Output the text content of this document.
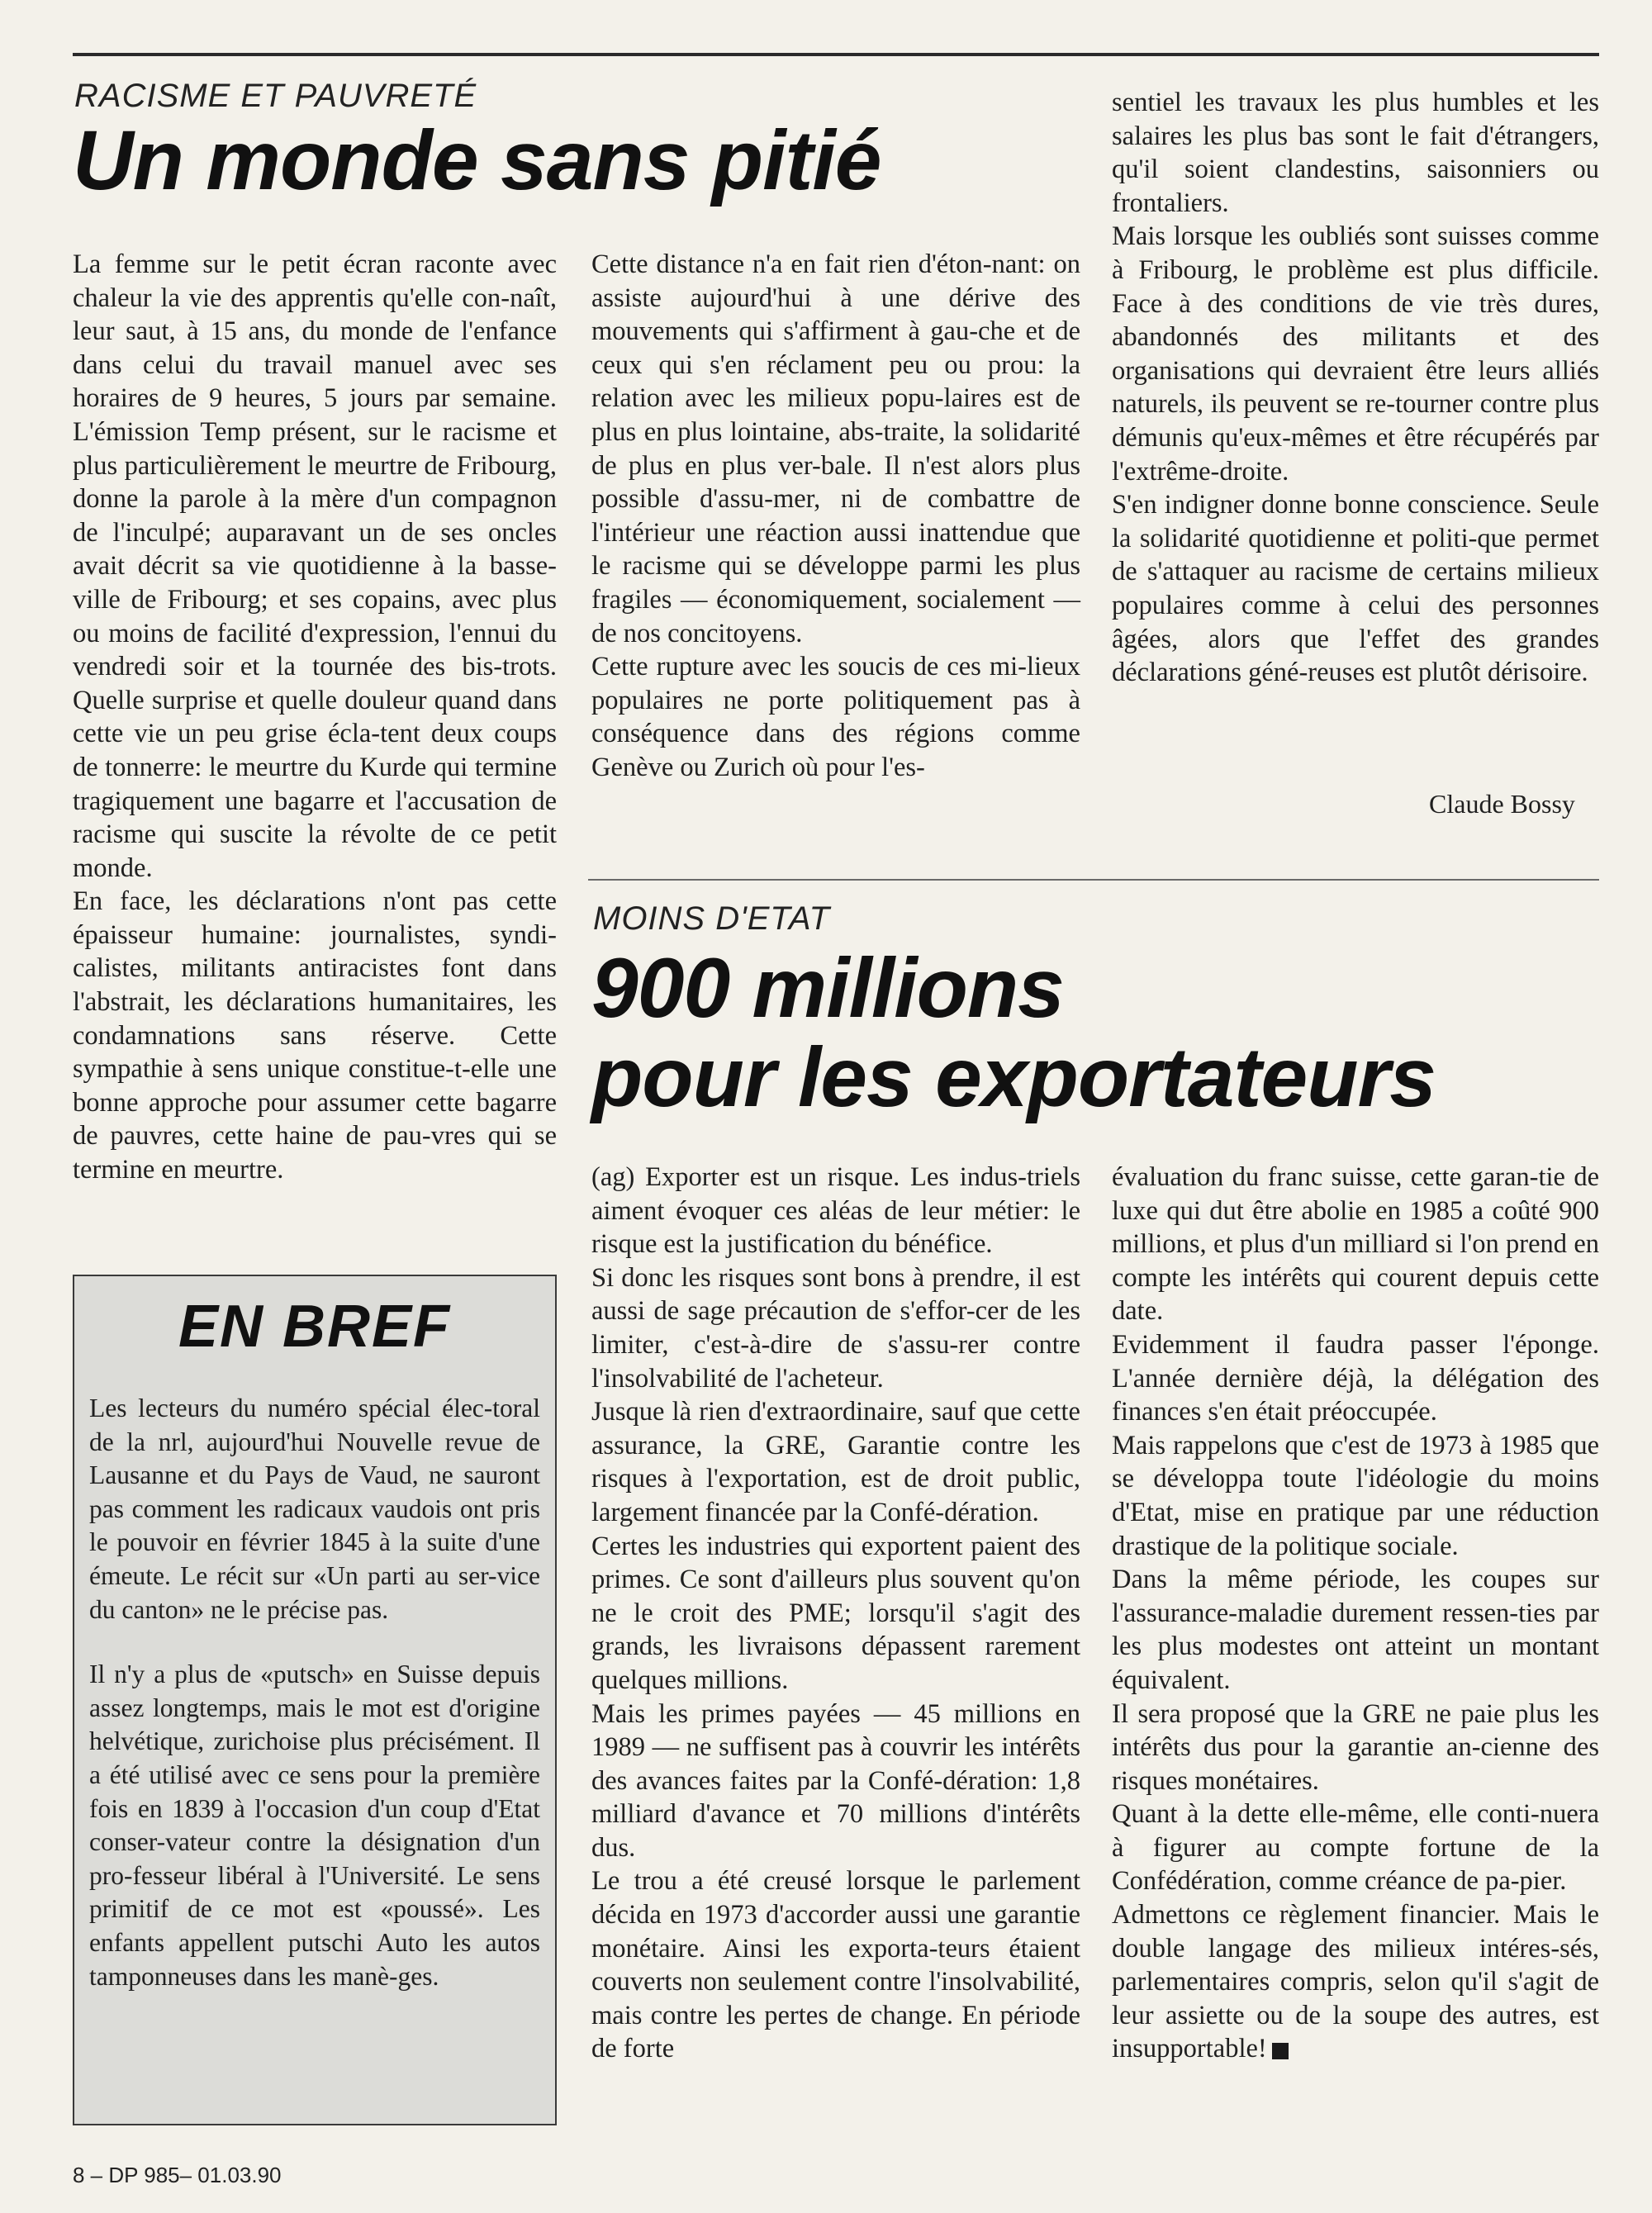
RACISME ET PAUVRETÉ
Un monde sans pitié

La femme sur le petit écran raconte avec chaleur la vie des apprentis qu'elle con-naît, leur saut, à 15 ans, du monde de l'enfance dans celui du travail manuel avec ses horaires de 9 heures, 5 jours par semaine. L'émission Temp présent, sur le racisme et plus particulièrement le meurtre de Fribourg, donne la parole à la mère d'un compagnon de l'inculpé; auparavant un de ses oncles avait décrit sa vie quotidienne à la basse-ville de Fribourg; et ses copains, avec plus ou moins de facilité d'expression, l'ennui du vendredi soir et la tournée des bis-trots. Quelle surprise et quelle douleur quand dans cette vie un peu grise écla-tent deux coups de tonnerre: le meurtre du Kurde qui termine tragiquement une bagarre et l'accusation de racisme qui suscite la révolte de ce petit monde.

En face, les déclarations n'ont pas cette épaisseur humaine: journalistes, syndi-calistes, militants antiracistes font dans l'abstrait, les déclarations humanitaires, les condamnations sans réserve. Cette sympathie à sens unique constitue-t-elle une bonne approche pour assumer cette bagarre de pauvres, cette haine de pau-vres qui se termine en meurtre.

Cette distance n'a en fait rien d'éton-nant: on assiste aujourd'hui à une dérive des mouvements qui s'affirment à gau-che et de ceux qui s'en réclament peu ou prou: la relation avec les milieux popu-laires est de plus en plus lointaine, abs-traite, la solidarité de plus en plus ver-bale. Il n'est alors plus possible d'assu-mer, ni de combattre de l'intérieur une réaction aussi inattendue que le racisme qui se développe parmi les plus fragiles — économiquement, socialement — de nos concitoyens.

Cette rupture avec les soucis de ces mi-lieux populaires ne porte politiquement pas à conséquence dans des régions comme Genève ou Zurich où pour l'es-

sentiel les travaux les plus humbles et les salaires les plus bas sont le fait d'étrangers, qu'il soient clandestins, saisonniers ou frontaliers.

Mais lorsque les oubliés sont suisses comme à Fribourg, le problème est plus difficile. Face à des conditions de vie très dures, abandonnés des militants et des organisations qui devraient être leurs alliés naturels, ils peuvent se re-tourner contre plus démunis qu'eux-mêmes et être récupérés par l'extrême-droite.

S'en indigner donne bonne conscience. Seule la solidarité quotidienne et politi-que permet de s'attaquer au racisme de certains milieux populaires comme à celui des personnes âgées, alors que l'effet des grandes déclarations géné-reuses est plutôt dérisoire.

Claude Bossy
EN BREF

Les lecteurs du numéro spécial élec-toral de la nrl, aujourd'hui Nouvelle revue de Lausanne et du Pays de Vaud, ne sauront pas comment les radicaux vaudois ont pris le pouvoir en février 1845 à la suite d'une émeute. Le récit sur «Un parti au ser-vice du canton» ne le précise pas.

Il n'y a plus de «putsch» en Suisse depuis assez longtemps, mais le mot est d'origine helvétique, zurichoise plus précisément. Il a été utilisé avec ce sens pour la première fois en 1839 à l'occasion d'un coup d'Etat conser-vateur contre la désignation d'un pro-fesseur libéral à l'Université. Le sens primitif de ce mot est «poussé». Les enfants appellent putschi Auto les autos tamponneuses dans les manè-ges.

MOINS D'ETAT
900 millions
pour les exportateurs

(ag) Exporter est un risque. Les indus-triels aiment évoquer ces aléas de leur métier: le risque est la justification du bénéfice.

Si donc les risques sont bons à prendre, il est aussi de sage précaution de s'effor-cer de les limiter, c'est-à-dire de s'assu-rer contre l'insolvabilité de l'acheteur.

Jusque là rien d'extraordinaire, sauf que cette assurance, la GRE, Garantie contre les risques à l'exportation, est de droit public, largement financée par la Confé-dération.

Certes les industries qui exportent paient des primes. Ce sont d'ailleurs plus souvent qu'on ne le croit des PME; lorsqu'il s'agit des grands, les livraisons dépassent rarement quelques millions.

Mais les primes payées — 45 millions en 1989 — ne suffisent pas à couvrir les intérêts des avances faites par la Confé-dération: 1,8 milliard d'avance et 70 millions d'intérêts dus.

Le trou a été creusé lorsque le parlement décida en 1973 d'accorder aussi une garantie monétaire. Ainsi les exporta-teurs étaient couverts non seulement contre l'insolvabilité, mais contre les pertes de change. En période de forte

évaluation du franc suisse, cette garan-tie de luxe qui dut être abolie en 1985 a coûté 900 millions, et plus d'un milliard si l'on prend en compte les intérêts qui courent depuis cette date.

Evidemment il faudra passer l'éponge. L'année dernière déjà, la délégation des finances s'en était préoccupée.

Mais rappelons que c'est de 1973 à 1985 que se développa toute l'idéologie du moins d'Etat, mise en pratique par une réduction drastique de la politique sociale.

Dans la même période, les coupes sur l'assurance-maladie durement ressen-ties par les plus modestes ont atteint un montant équivalent.

Il sera proposé que la GRE ne paie plus les intérêts dus pour la garantie an-cienne des risques monétaires.

Quant à la dette elle-même, elle conti-nuera à figurer au compte fortune de la Confédération, comme créance de pa-pier.

Admettons ce règlement financier. Mais le double langage des milieux intéres-sés, parlementaires compris, selon qu'il s'agit de leur assiette ou de la soupe des autres, est insupportable!

8 – DP 985– 01.03.90
